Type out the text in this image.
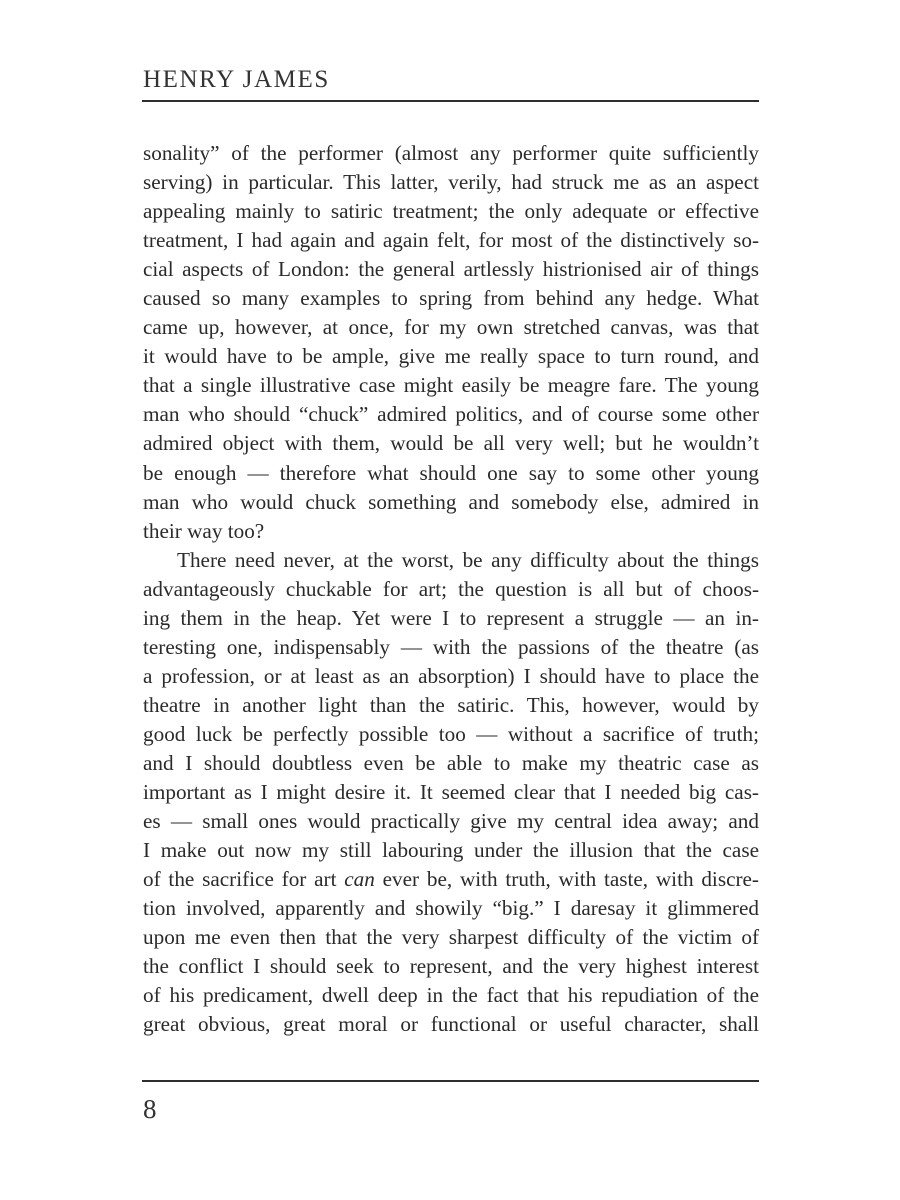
HENRY JAMES
sonality” of the performer (almost any performer quite sufficiently
serving) in particular. This latter, verily, had struck me as an aspect
appealing mainly to satiric treatment; the only adequate or effective
treatment, I had again and again felt, for most of the distinctively so-
cial aspects of London: the general artlessly histrionised air of things
caused so many examples to spring from behind any hedge. What
came up, however, at once, for my own stretched canvas, was that
it would have to be ample, give me really space to turn round, and
that a single illustrative case might easily be meagre fare. The young
man who should “chuck” admired politics, and of course some other
admired object with them, would be all very well; but he wouldn’t
be enough — therefore what should one say to some other young
man who would chuck something and somebody else, admired in
their way too?
There need never, at the worst, be any difficulty about the things
advantageously chuckable for art; the question is all but of choos-
ing them in the heap. Yet were I to represent a struggle — an in-
teresting one, indispensably — with the passions of the theatre (as
a profession, or at least as an absorption) I should have to place the
theatre in another light than the satiric. This, however, would by
good luck be perfectly possible too — without a sacrifice of truth;
and I should doubtless even be able to make my theatric case as
important as I might desire it. It seemed clear that I needed big cas-
es — small ones would practically give my central idea away; and
I make out now my still labouring under the illusion that the case
of the sacrifice for art can ever be, with truth, with taste, with discre-
tion involved, apparently and showily “big.” I daresay it glimmered
upon me even then that the very sharpest difficulty of the victim of
the conflict I should seek to represent, and the very highest interest
of his predicament, dwell deep in the fact that his repudiation of the
great obvious, great moral or functional or useful character, shall
8
